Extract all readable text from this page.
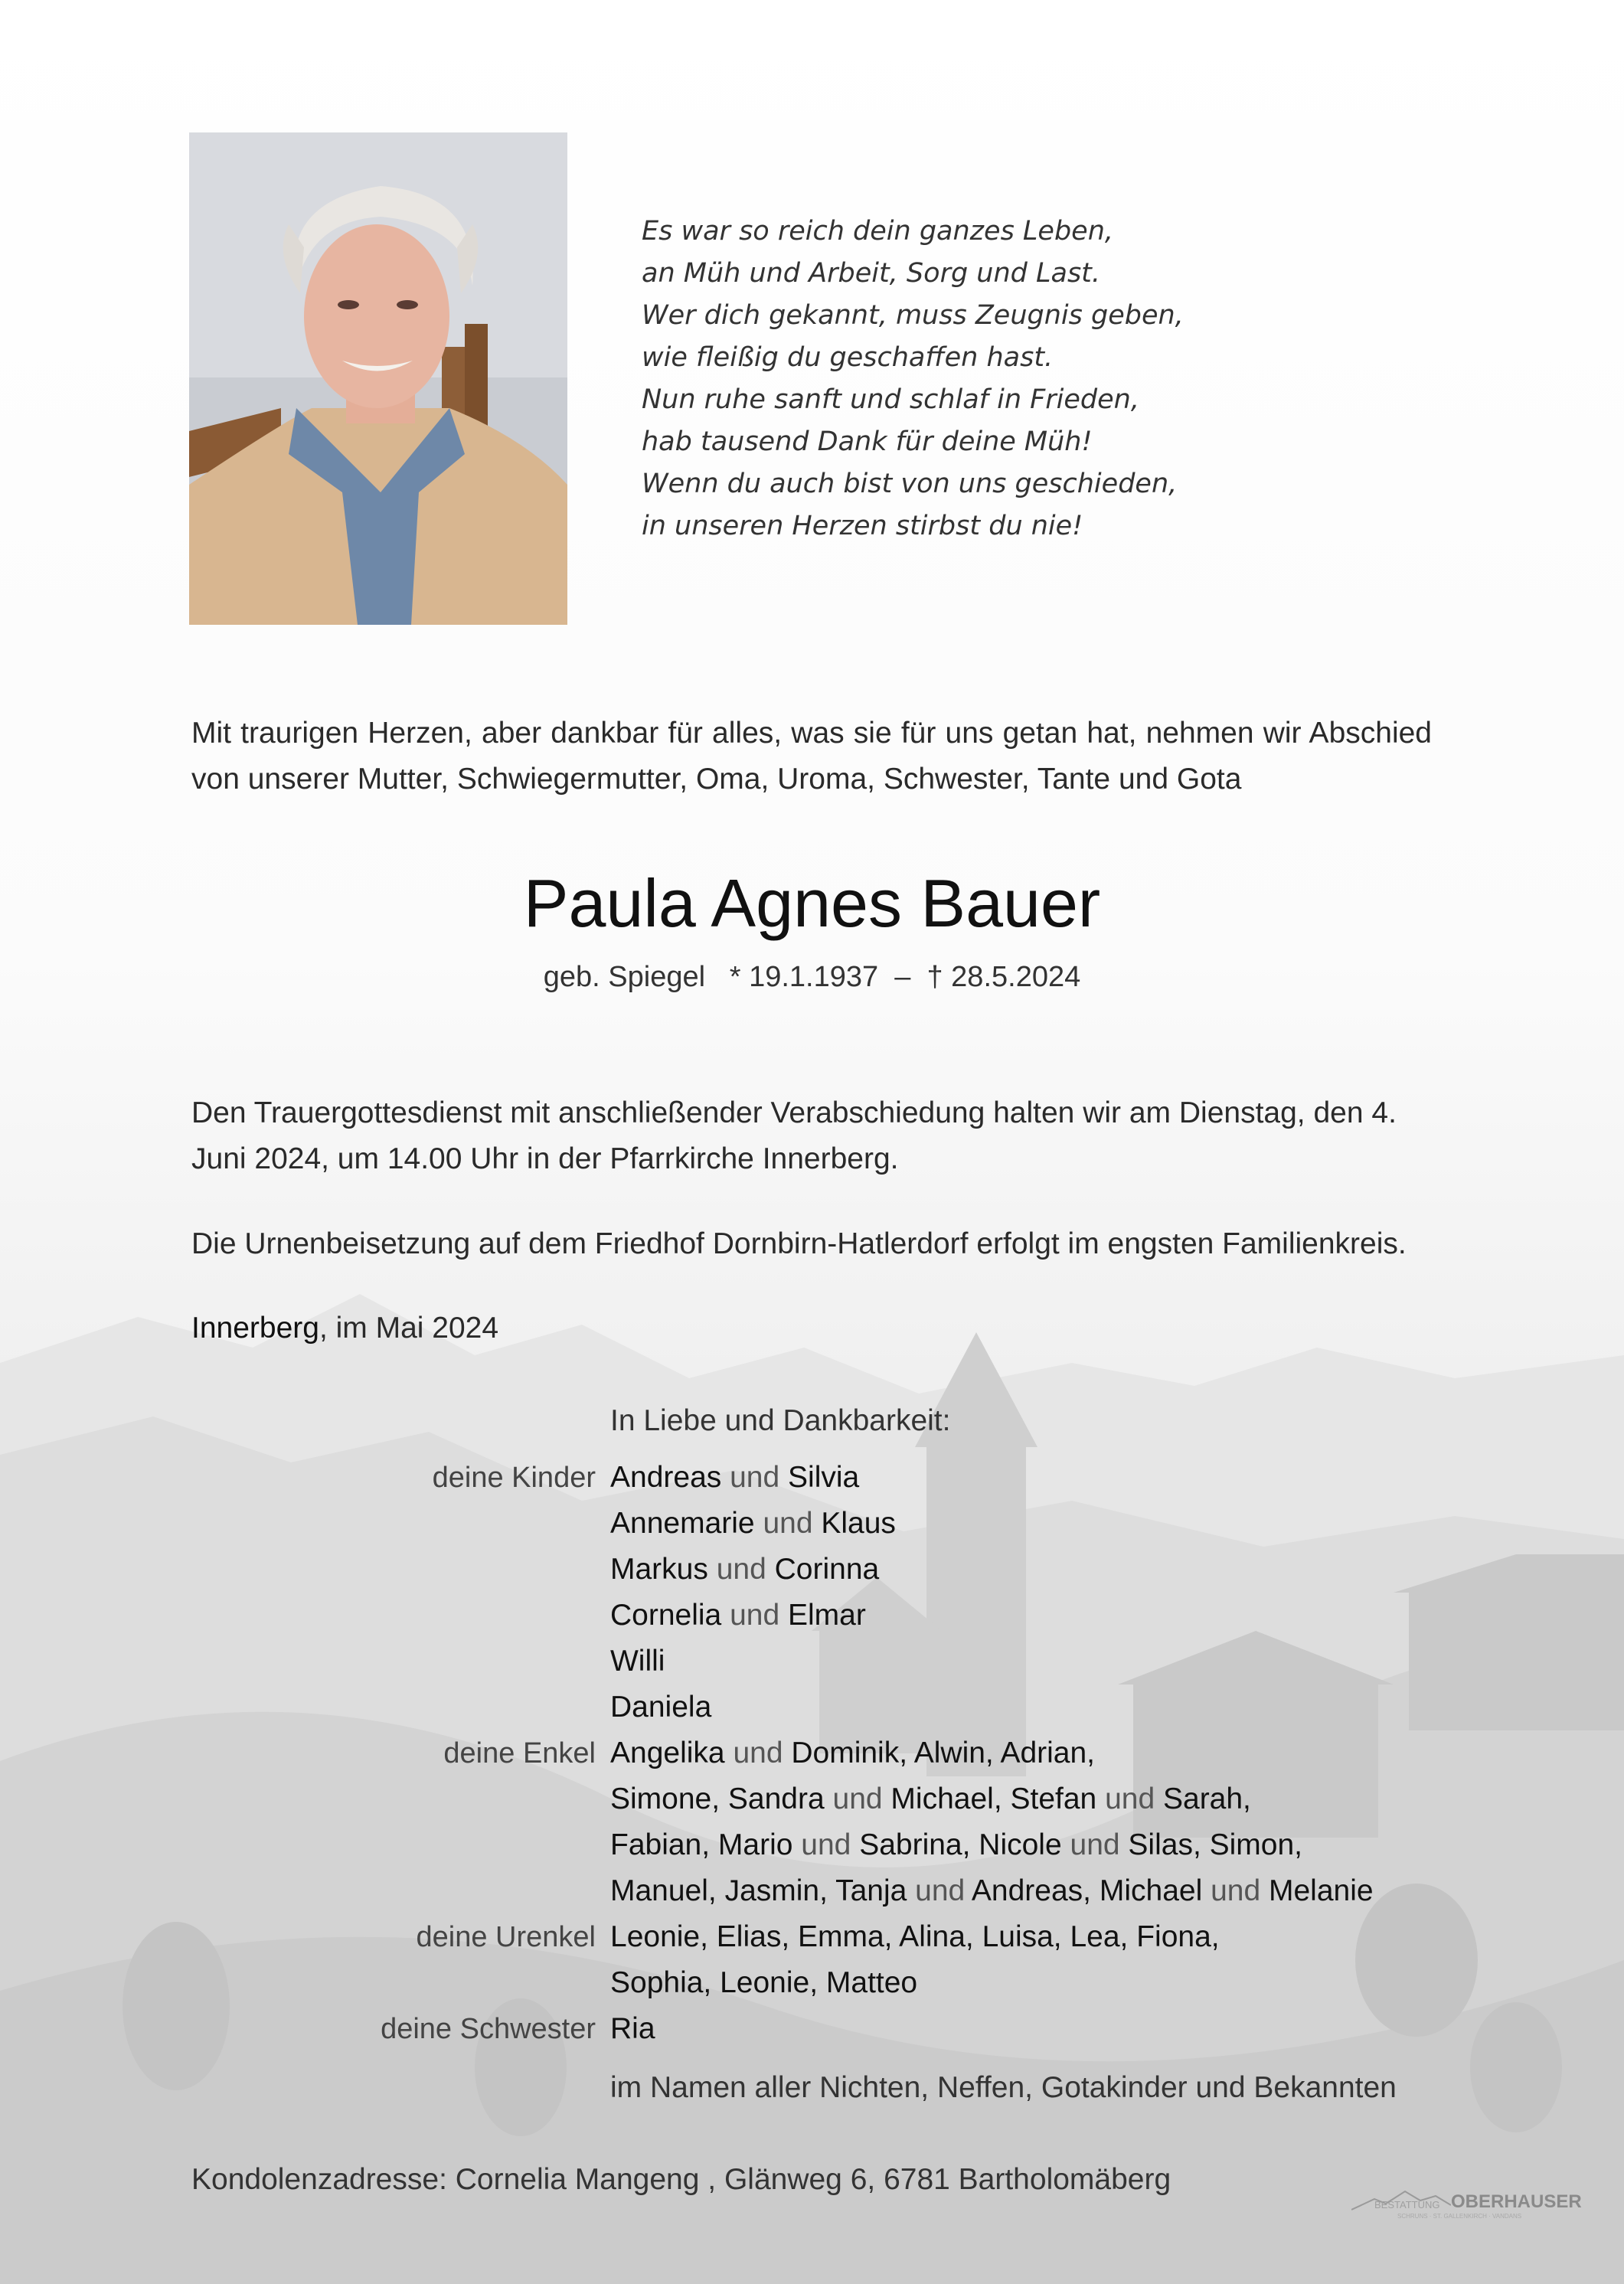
Es war so reich dein ganzes Leben,
an Müh und Arbeit, Sorg und Last.
Wer dich gekannt, muss Zeugnis geben,
wie fleißig du geschaffen hast.
Nun ruhe sanft und schlaf in Frieden,
hab tausend Dank für deine Müh!
Wenn du auch bist von uns geschieden,
in unseren Herzen stirbst du nie!
Mit traurigen Herzen, aber dankbar für alles, was sie für uns getan hat, nehmen wir Abschied von unserer Mutter, Schwiegermutter, Oma, Uroma, Schwester, Tante und Gota
Paula Agnes Bauer
geb. Spiegel   * 19.1.1937  –  † 28.5.2024
Den Trauergottesdienst mit anschließender Verabschiedung halten wir am Dienstag, den 4. Juni 2024, um 14.00 Uhr in der Pfarrkirche Innerberg.
Die Urnenbeisetzung auf dem Friedhof Dornbirn-Hatlerdorf erfolgt im engsten Familienkreis.
Innerberg, im Mai 2024
In Liebe und Dankbarkeit:
deine Kinder Andreas und Silvia
Annemarie und Klaus
Markus und Corinna
Cornelia und Elmar
Willi
Daniela
deine Enkel Angelika und Dominik, Alwin, Adrian,
Simone, Sandra und Michael, Stefan und Sarah,
Fabian, Mario und Sabrina, Nicole und Silas, Simon,
Manuel, Jasmin, Tanja und Andreas, Michael und Melanie
deine Urenkel Leonie, Elias, Emma, Alina, Luisa, Lea, Fiona,
Sophia, Leonie, Matteo
deine Schwester Ria
im Namen aller Nichten, Neffen, Gotakinder und Bekannten
Kondolenzadresse: Cornelia Mangeng , Glänweg 6, 6781 Bartholomäberg
BESTATTUNG OBERHAUSER
SCHRUNS · ST. GALLENKIRCH · VANDANS
